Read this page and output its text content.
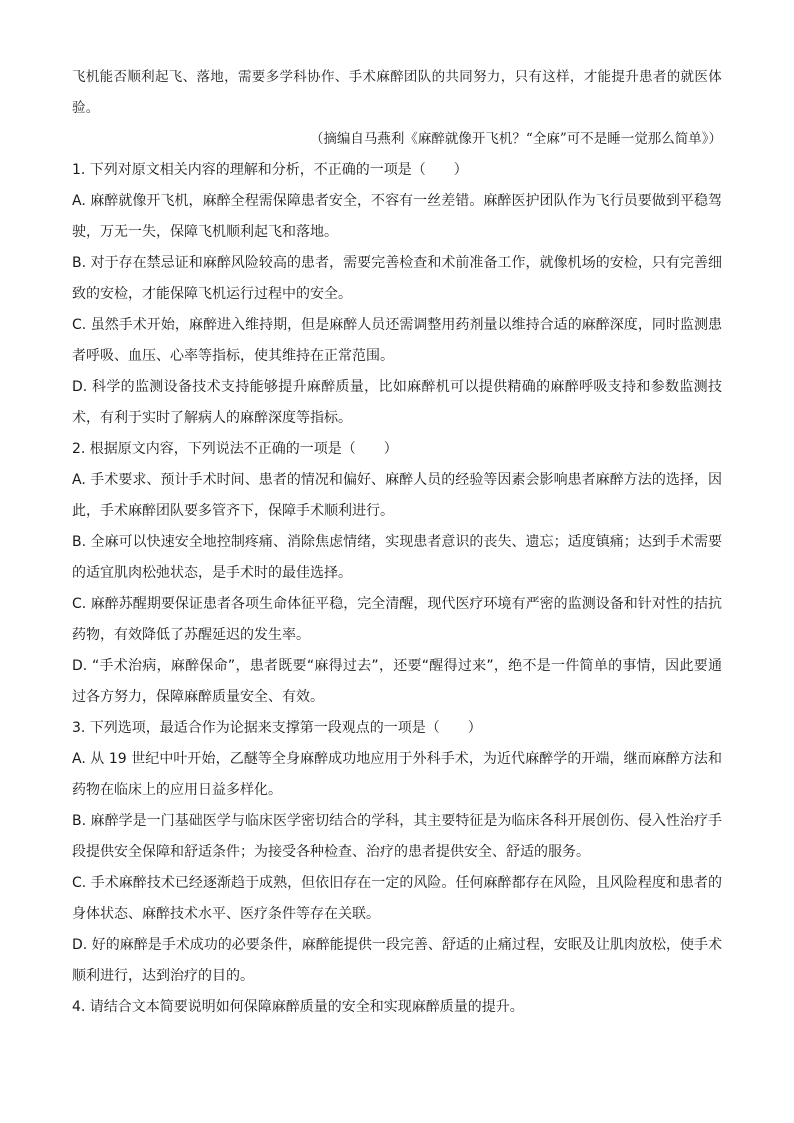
飞机能否顺利起飞、落地，需要多学科协作、手术麻醉团队的共同努力，只有这样，才能提升患者的就医体验。

（摘编自马燕利《麻醉就像开飞机？“全麻”可不是睡一觉那么简单》）

1. 下列对原文相关内容的理解和分析，不正确的一项是（　　）

A. 麻醉就像开飞机，麻醉全程需保障患者安全，不容有一丝差错。麻醉医护团队作为飞行员要做到平稳驾驶，万无一失，保障飞机顺利起飞和落地。

B. 对于存在禁忌证和麻醉风险较高的患者，需要完善检查和术前准备工作，就像机场的安检，只有完善细致的安检，才能保障飞机运行过程中的安全。

C. 虽然手术开始，麻醉进入维持期，但是麻醉人员还需调整用药剂量以维持合适的麻醉深度，同时监测患者呼吸、血压、心率等指标，使其维持在正常范围。

D. 科学的监测设备技术支持能够提升麻醉质量，比如麻醉机可以提供精确的麻醉呼吸支持和参数监测技术，有利于实时了解病人的麻醉深度等指标。

2. 根据原文内容，下列说法不正确的一项是（　　）

A. 手术要求、预计手术时间、患者的情况和偏好、麻醉人员的经验等因素会影响患者麻醉方法的选择，因此，手术麻醉团队要多管齐下，保障手术顺利进行。

B. 全麻可以快速安全地控制疼痛、消除焦虑情绪，实现患者意识的丧失、遗忘；适度镇痛；达到手术需要的适宜肌肉松弛状态，是手术时的最佳选择。

C. 麻醉苏醒期要保证患者各项生命体征平稳，完全清醒，现代医疗环境有严密的监测设备和针对性的拮抗药物，有效降低了苏醒延迟的发生率。

D. “手术治病，麻醉保命”，患者既要“麻得过去”，还要“醒得过来”，绝不是一件简单的事情，因此要通过各方努力，保障麻醉质量安全、有效。

3. 下列选项，最适合作为论据来支撑第一段观点的一项是（　　）

A. 从 19 世纪中叶开始，乙醚等全身麻醉成功地应用于外科手术，为近代麻醉学的开端，继而麻醉方法和药物在临床上的应用日益多样化。

B. 麻醉学是一门基础医学与临床医学密切结合的学科，其主要特征是为临床各科开展创伤、侵入性治疗手段提供安全保障和舒适条件；为接受各种检查、治疗的患者提供安全、舒适的服务。

C. 手术麻醉技术已经逐渐趋于成熟，但依旧存在一定的风险。任何麻醉都存在风险，且风险程度和患者的身体状态、麻醉技术水平、医疗条件等存在关联。

D. 好的麻醉是手术成功的必要条件，麻醉能提供一段完善、舒适的止痛过程，安眠及让肌肉放松，使手术顺利进行，达到治疗的目的。

4. 请结合文本简要说明如何保障麻醉质量的安全和实现麻醉质量的提升。
